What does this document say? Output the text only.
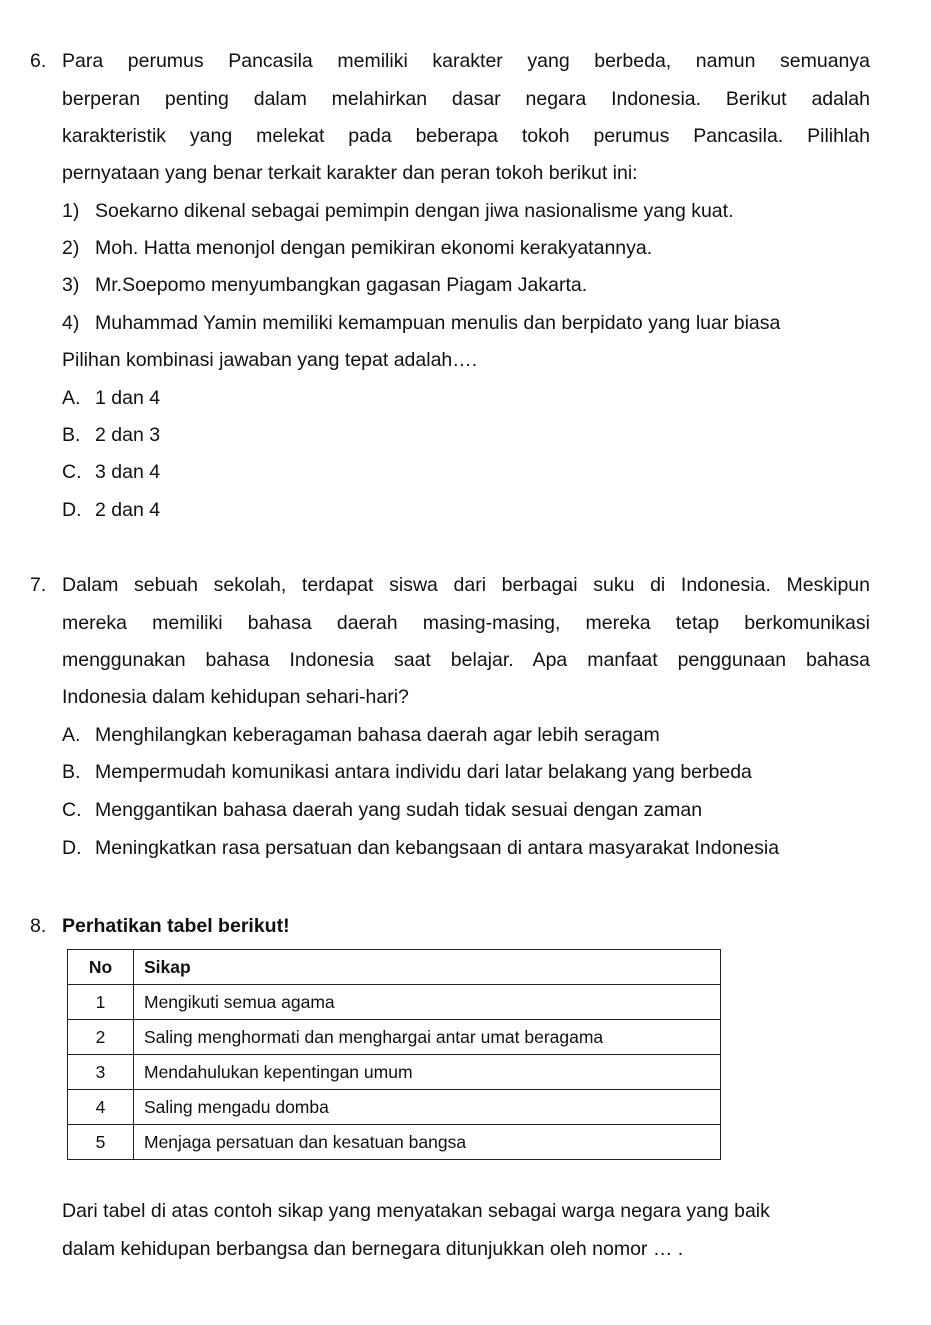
6. Para perumus Pancasila memiliki karakter yang berbeda, namun semuanya
berperan penting dalam melahirkan dasar negara Indonesia. Berikut adalah
karakteristik yang melekat pada beberapa tokoh perumus Pancasila. Pilihlah
pernyataan yang benar terkait karakter dan peran tokoh berikut ini:
1) Soekarno dikenal sebagai pemimpin dengan jiwa nasionalisme yang kuat.
2) Moh. Hatta menonjol dengan pemikiran ekonomi kerakyatannya.
3) Mr.Soepomo menyumbangkan gagasan Piagam Jakarta.
4) Muhammad Yamin memiliki kemampuan menulis dan berpidato yang luar biasa
Pilihan kombinasi jawaban yang tepat adalah….
A. 1 dan 4
B. 2 dan 3
C. 3 dan 4
D. 2 dan 4
7. Dalam sebuah sekolah, terdapat siswa dari berbagai suku di Indonesia. Meskipun
mereka memiliki bahasa daerah masing-masing, mereka tetap berkomunikasi
menggunakan bahasa Indonesia saat belajar. Apa manfaat penggunaan bahasa
Indonesia dalam kehidupan sehari-hari?
A. Menghilangkan keberagaman bahasa daerah agar lebih seragam
B. Mempermudah komunikasi antara individu dari latar belakang yang berbeda
C. Menggantikan bahasa daerah yang sudah tidak sesuai dengan zaman
D. Meningkatkan rasa persatuan dan kebangsaan di antara masyarakat Indonesia
8. Perhatikan tabel berikut!
No	Sikap
1	Mengikuti semua agama
2	Saling menghormati dan menghargai antar umat beragama
3	Mendahulukan kepentingan umum
4	Saling mengadu domba
5	Menjaga persatuan dan kesatuan bangsa
Dari tabel di atas contoh sikap yang menyatakan sebagai warga negara yang baik
dalam kehidupan berbangsa dan bernegara ditunjukkan oleh nomor … .
